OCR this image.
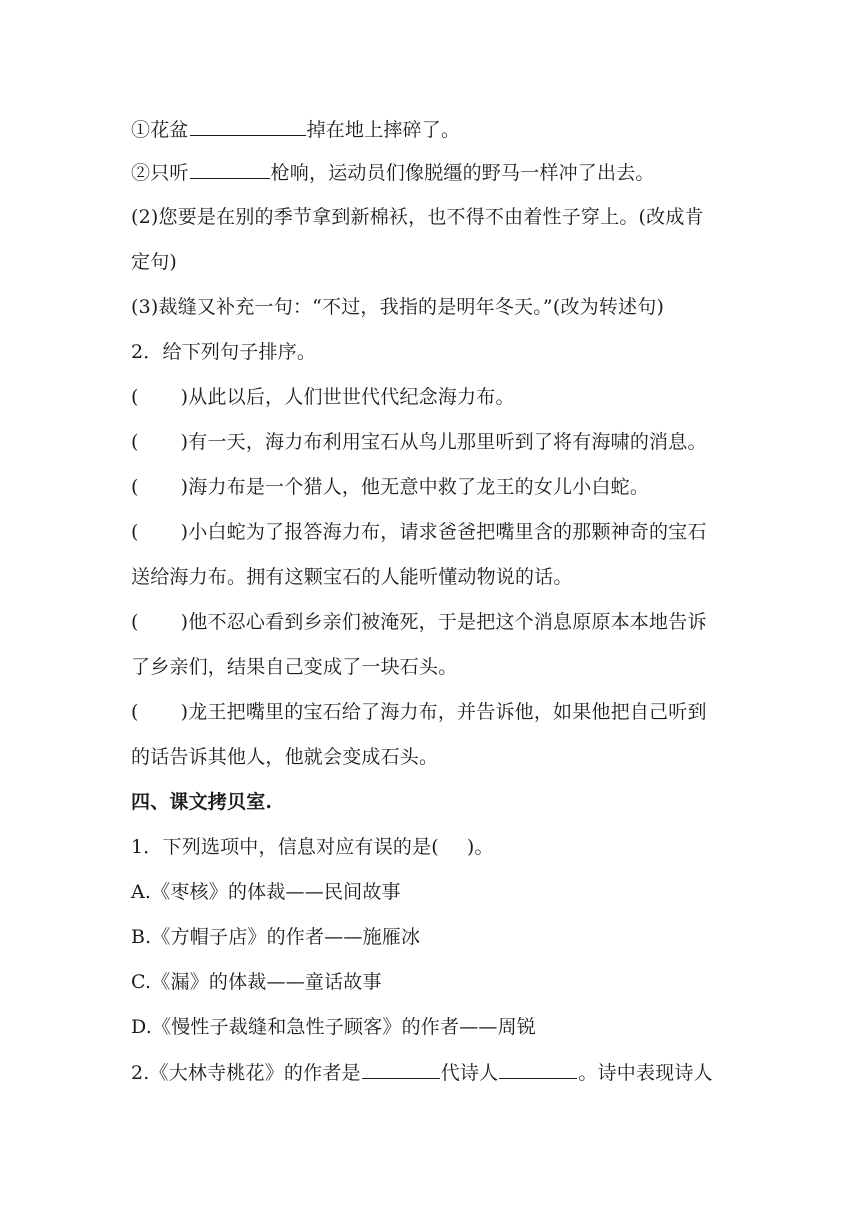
①花盆	掉在地上摔碎了。
②只听	枪响，运动员们像脱缰的野马一样冲了出去。
(2)您要是在别的季节拿到新棉袄，也不得不由着性子穿上。(改成肯
定句)
(3)裁缝又补充一句：“不过，我指的是明年冬天。”(改为转述句)
2．给下列句子排序。
( )从此以后，人们世世代代纪念海力布。
( )有一天，海力布利用宝石从鸟儿那里听到了将有海啸的消息。
( )海力布是一个猎人，他无意中救了龙王的女儿小白蛇。
( )小白蛇为了报答海力布，请求爸爸把嘴里含的那颗神奇的宝石
送给海力布。拥有这颗宝石的人能听懂动物说的话。
( )他不忍心看到乡亲们被淹死，于是把这个消息原原本本地告诉
了乡亲们，结果自己变成了一块石头。
( )龙王把嘴里的宝石给了海力布，并告诉他，如果他把自己听到
的话告诉其他人，他就会变成石头。
四、课文拷贝室.
1．下列选项中，信息对应有误的是( )。
A.《枣核》的体裁——民间故事
B.《方帽子店》的作者——施雁冰
C.《漏》的体裁——童话故事
D.《慢性子裁缝和急性子顾客》的作者——周锐
2.《大林寺桃花》的作者是	代诗人	。诗中表现诗人
